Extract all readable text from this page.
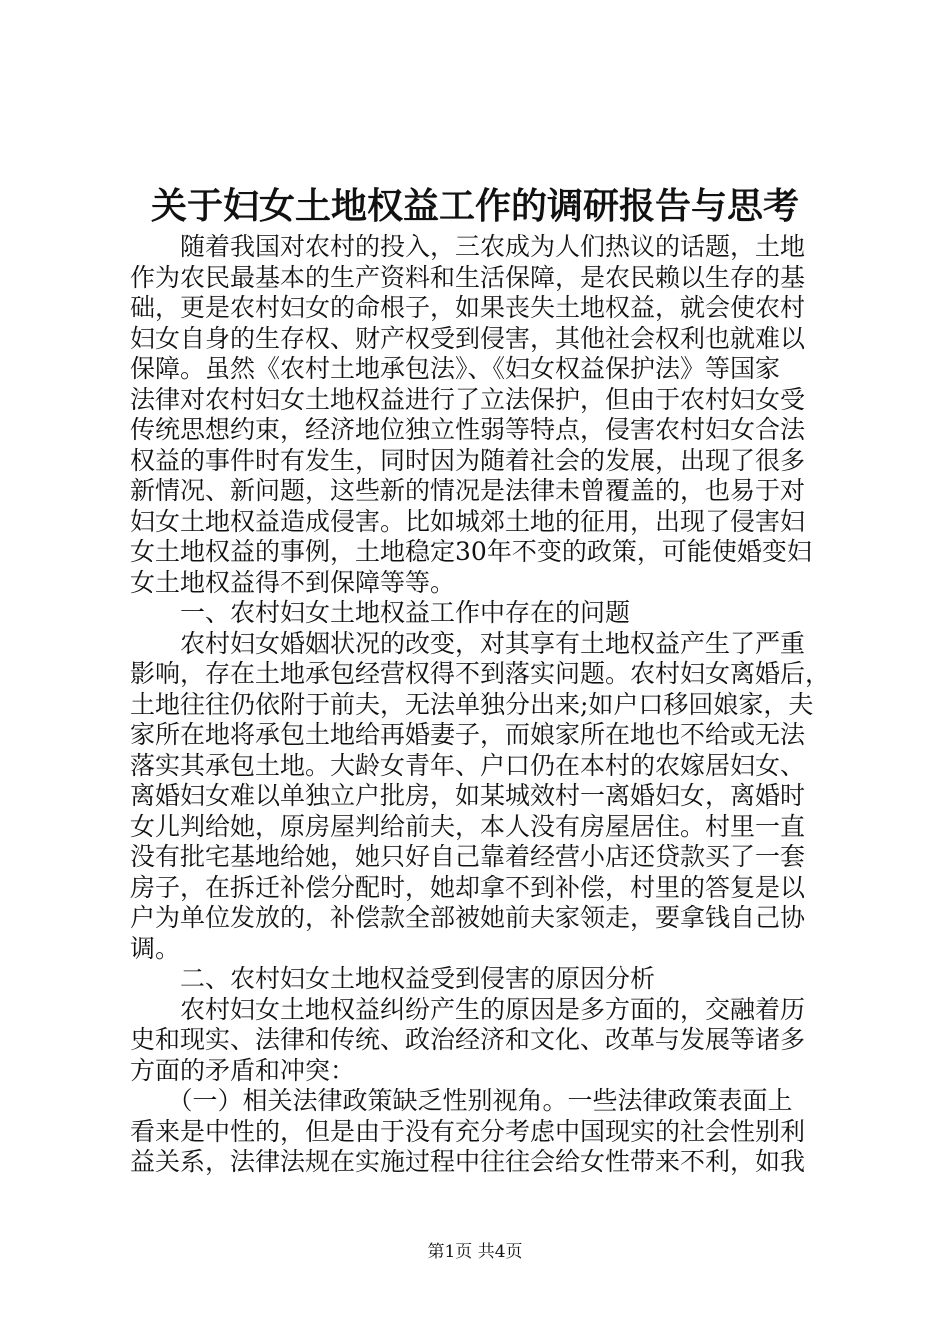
关于妇女土地权益工作的调研报告与思考
　　随着我国对农村的投入，三农成为人们热议的话题，土地
作为农民最基本的生产资料和生活保障，是农民赖以生存的基
础，更是农村妇女的命根子，如果丧失土地权益，就会使农村
妇女自身的生存权、财产权受到侵害，其他社会权利也就难以
保障。虽然《农村土地承包法》、《妇女权益保护法》等国家
法律对农村妇女土地权益进行了立法保护，但由于农村妇女受
传统思想约束，经济地位独立性弱等特点，侵害农村妇女合法
权益的事件时有发生，同时因为随着社会的发展，出现了很多
新情况、新问题，这些新的情况是法律未曾覆盖的，也易于对
妇女土地权益造成侵害。比如城郊土地的征用，出现了侵害妇
女土地权益的事例，土地稳定30年不变的政策，可能使婚变妇
女土地权益得不到保障等等。
　　一、农村妇女土地权益工作中存在的问题
　　农村妇女婚姻状况的改变，对其享有土地权益产生了严重
影响，存在土地承包经营权得不到落实问题。农村妇女离婚后，
土地往往仍依附于前夫，无法单独分出来;如户口移回娘家，夫
家所在地将承包土地给再婚妻子，而娘家所在地也不给或无法
落实其承包土地。大龄女青年、户口仍在本村的农嫁居妇女、
离婚妇女难以单独立户批房，如某城效村一离婚妇女，离婚时
女儿判给她，原房屋判给前夫，本人没有房屋居住。村里一直
没有批宅基地给她，她只好自己靠着经营小店还贷款买了一套
房子，在拆迁补偿分配时，她却拿不到补偿，村里的答复是以
户为单位发放的，补偿款全部被她前夫家领走，要拿钱自己协
调。
　　二、农村妇女土地权益受到侵害的原因分析
　　农村妇女土地权益纠纷产生的原因是多方面的，交融着历
史和现实、法律和传统、政治经济和文化、改革与发展等诸多
方面的矛盾和冲突：
　　（一）相关法律政策缺乏性别视角。一些法律政策表面上
看来是中性的，但是由于没有充分考虑中国现实的社会性别利
益关系，法律法规在实施过程中往往会给女性带来不利，如我
第1页 共4页
